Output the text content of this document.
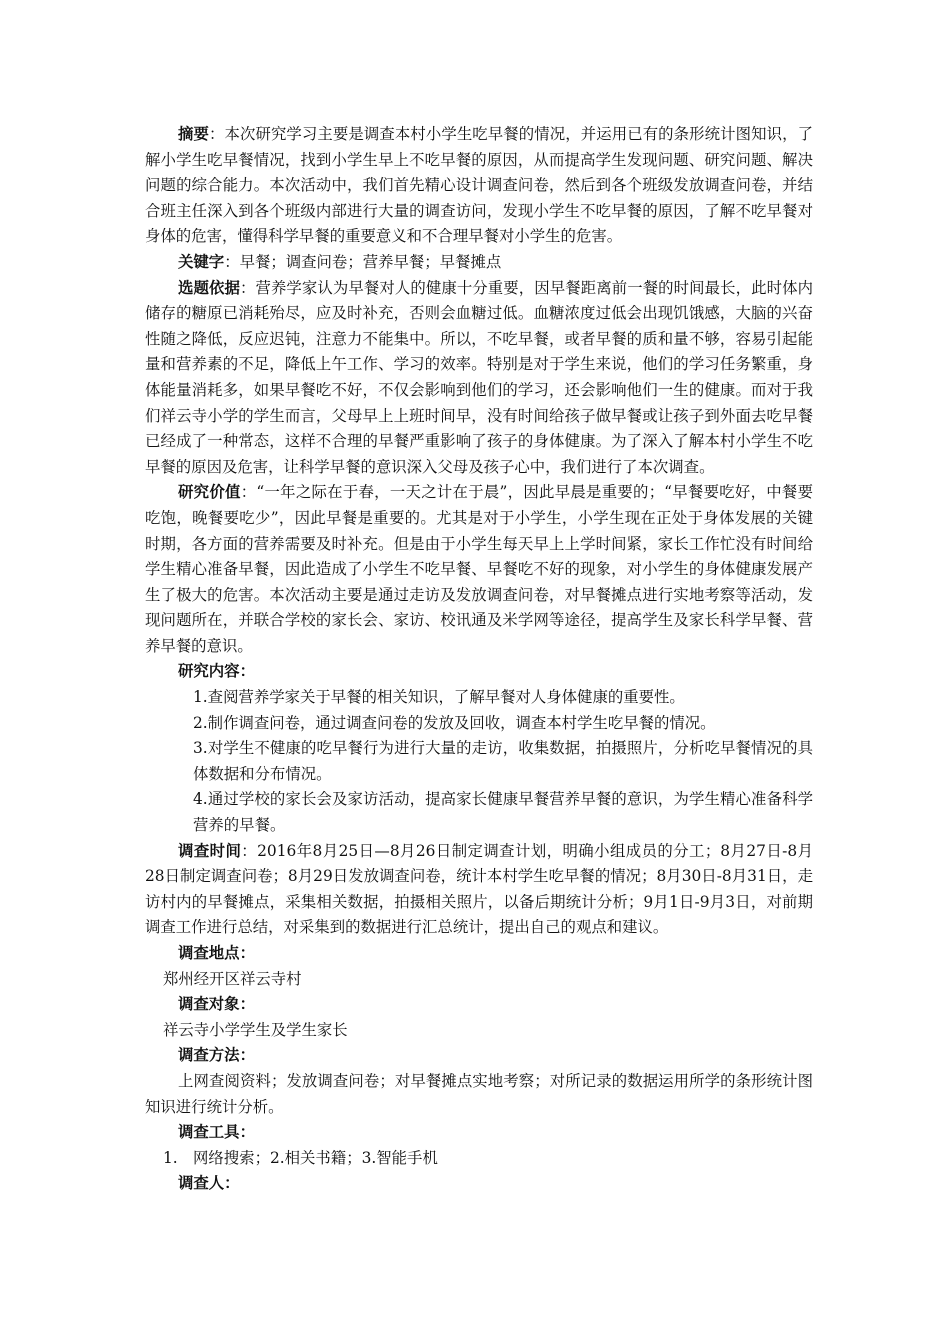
摘要：本次研究学习主要是调查本村小学生吃早餐的情况，并运用已有的条形统计图知识，了解小学生吃早餐情况，找到小学生早上不吃早餐的原因，从而提高学生发现问题、研究问题、解决问题的综合能力。本次活动中，我们首先精心设计调查问卷，然后到各个班级发放调查问卷，并结合班主任深入到各个班级内部进行大量的调查访问，发现小学生不吃早餐的原因，了解不吃早餐对身体的危害，懂得科学早餐的重要意义和不合理早餐对小学生的危害。

关键字：早餐；调查问卷；营养早餐；早餐摊点

选题依据：营养学家认为早餐对人的健康十分重要，因早餐距离前一餐的时间最长，此时体内储存的糖原已消耗殆尽，应及时补充，否则会血糖过低。血糖浓度过低会出现饥饿感，大脑的兴奋性随之降低，反应迟钝，注意力不能集中。所以，不吃早餐，或者早餐的质和量不够，容易引起能量和营养素的不足，降低上午工作、学习的效率。特别是对于学生来说，他们的学习任务繁重，身体能量消耗多，如果早餐吃不好，不仅会影响到他们的学习，还会影响他们一生的健康。而对于我们祥云寺小学的学生而言，父母早上上班时间早，没有时间给孩子做早餐或让孩子到外面去吃早餐已经成了一种常态，这样不合理的早餐严重影响了孩子的身体健康。为了深入了解本村小学生不吃早餐的原因及危害，让科学早餐的意识深入父母及孩子心中，我们进行了本次调查。

研究价值：“一年之际在于春，一天之计在于晨”，因此早晨是重要的；“早餐要吃好，中餐要吃饱，晚餐要吃少”，因此早餐是重要的。尤其是对于小学生，小学生现在正处于身体发展的关键时期，各方面的营养需要及时补充。但是由于小学生每天早上上学时间紧，家长工作忙没有时间给学生精心准备早餐，因此造成了小学生不吃早餐、早餐吃不好的现象，对小学生的身体健康发展产生了极大的危害。本次活动主要是通过走访及发放调查问卷，对早餐摊点进行实地考察等活动，发现问题所在，并联合学校的家长会、家访、校讯通及米学网等途径，提高学生及家长科学早餐、营养早餐的意识。

研究内容：

1.查阅营养学家关于早餐的相关知识，了解早餐对人身体健康的重要性。

2.制作调查问卷，通过调查问卷的发放及回收，调查本村学生吃早餐的情况。

3.对学生不健康的吃早餐行为进行大量的走访，收集数据，拍摄照片，分析吃早餐情况的具体数据和分布情况。

4.通过学校的家长会及家访活动，提高家长健康早餐营养早餐的意识，为学生精心准备科学营养的早餐。

调查时间：2016年8月25日—8月26日制定调查计划，明确小组成员的分工；8月27日-8月28日制定调查问卷；8月29日发放调查问卷，统计本村学生吃早餐的情况；8月30日-8月31日，走访村内的早餐摊点，采集相关数据，拍摄相关照片，以备后期统计分析；9月1日-9月3日，对前期调查工作进行总结，对采集到的数据进行汇总统计，提出自己的观点和建议。

调查地点：

郑州经开区祥云寺村

调查对象：

祥云寺小学学生及学生家长

调查方法：

上网查阅资料；发放调查问卷；对早餐摊点实地考察；对所记录的数据运用所学的条形统计图知识进行统计分析。

调查工具：

1. 网络搜索；2.相关书籍；3.智能手机

调查人：
